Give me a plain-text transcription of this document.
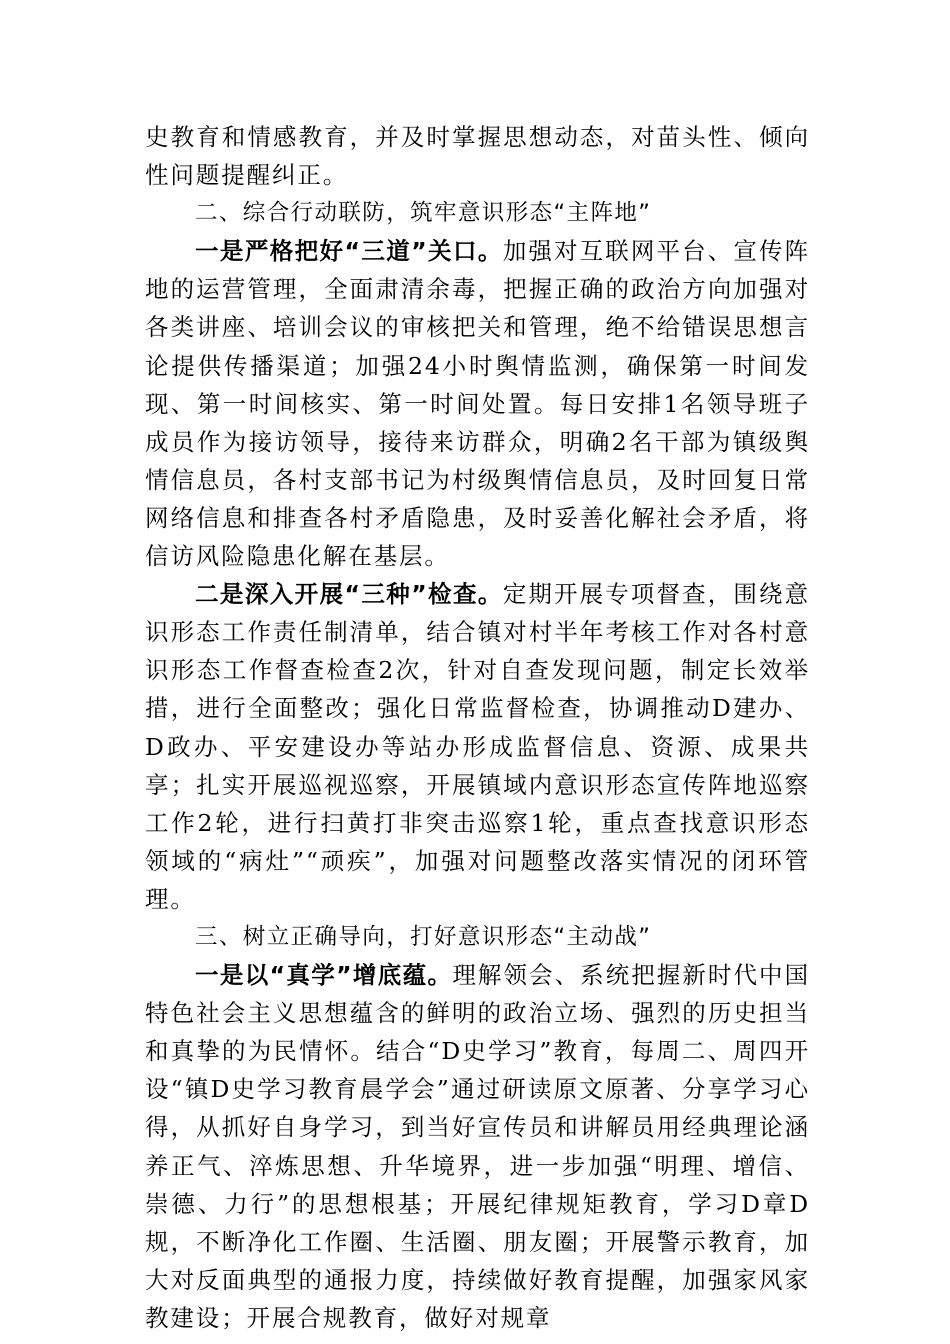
史教育和情感教育，并及时掌握思想动态，对苗头性、倾向性问题提醒纠正。

二、综合行动联防，筑牢意识形态“主阵地”

一是严格把好“三道”关口。加强对互联网平台、宣传阵地的运营管理，全面肃清余毒，把握正确的政治方向加强对各类讲座、培训会议的审核把关和管理，绝不给错误思想言论提供传播渠道；加强24小时舆情监测，确保第一时间发现、第一时间核实、第一时间处置。每日安排1名领导班子成员作为接访领导，接待来访群众，明确2名干部为镇级舆情信息员，各村支部书记为村级舆情信息员，及时回复日常网络信息和排查各村矛盾隐患，及时妥善化解社会矛盾，将信访风险隐患化解在基层。

二是深入开展“三种”检查。定期开展专项督查，围绕意识形态工作责任制清单，结合镇对村半年考核工作对各村意识形态工作督查检查2次，针对自查发现问题，制定长效举措，进行全面整改；强化日常监督检查，协调推动D建办、D政办、平安建设办等站办形成监督信息、资源、成果共享；扎实开展巡视巡察，开展镇域内意识形态宣传阵地巡察工作2轮，进行扫黄打非突击巡察1轮，重点查找意识形态领域的“病灶”“顽疾”，加强对问题整改落实情况的闭环管理。

三、树立正确导向，打好意识形态“主动战”

一是以“真学”增底蕴。理解领会、系统把握新时代中国特色社会主义思想蕴含的鲜明的政治立场、强烈的历史担当和真挚的为民情怀。结合“D史学习”教育，每周二、周四开设“镇D史学习教育晨学会”通过研读原文原著、分享学习心得，从抓好自身学习，到当好宣传员和讲解员用经典理论涵养正气、淬炼思想、升华境界，进一步加强“明理、增信、崇德、力行”的思想根基；开展纪律规矩教育，学习D章D规，不断净化工作圈、生活圈、朋友圈；开展警示教育，加大对反面典型的通报力度，持续做好教育提醒，加强家风家教建设；开展合规教育，做好对规章
